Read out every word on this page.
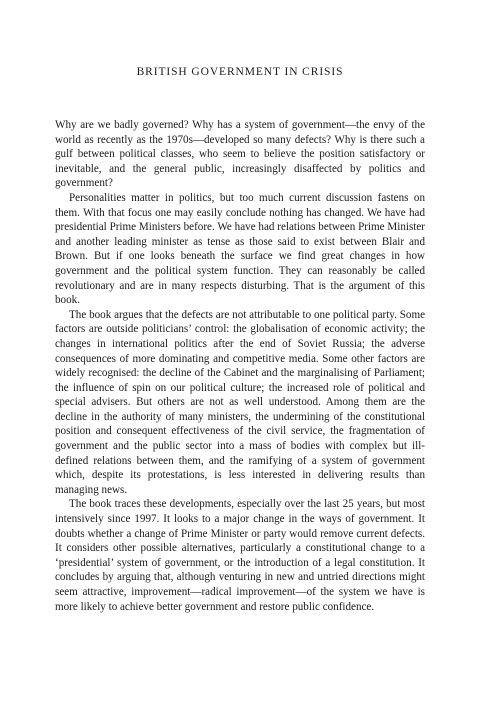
BRITISH GOVERNMENT IN CRISIS

Why are we badly governed? Why has a system of government—the envy of the world as recently as the 1970s—developed so many defects? Why is there such a gulf between political classes, who seem to believe the position satisfactory or inevitable, and the general public, increasingly disaffected by politics and government?

Personalities matter in politics, but too much current discussion fastens on them. With that focus one may easily conclude nothing has changed. We have had presidential Prime Ministers before. We have had relations between Prime Minister and another leading minister as tense as those said to exist between Blair and Brown. But if one looks beneath the surface we find great changes in how government and the political system function. They can reasonably be called revolutionary and are in many respects disturbing. That is the argument of this book.

The book argues that the defects are not attributable to one political party. Some factors are outside politicians’ control: the globalisation of economic activity; the changes in international politics after the end of Soviet Russia; the adverse consequences of more dominating and competitive media. Some other factors are widely recognised: the decline of the Cabinet and the marginalising of Parliament; the influence of spin on our political culture; the increased role of political and special advisers. But others are not as well understood. Among them are the decline in the authority of many ministers, the undermining of the constitutional position and consequent effectiveness of the civil service, the fragmentation of government and the public sector into a mass of bodies with complex but ill-defined relations between them, and the ramifying of a system of government which, despite its protestations, is less interested in delivering results than managing news.

The book traces these developments, especially over the last 25 years, but most intensively since 1997. It looks to a major change in the ways of government. It doubts whether a change of Prime Minister or party would remove current defects. It considers other possible alternatives, particularly a constitutional change to a ‘presidential’ system of government, or the introduction of a legal constitution. It concludes by arguing that, although venturing in new and untried directions might seem attractive, improvement—radical improvement—of the system we have is more likely to achieve better government and restore public confidence.
